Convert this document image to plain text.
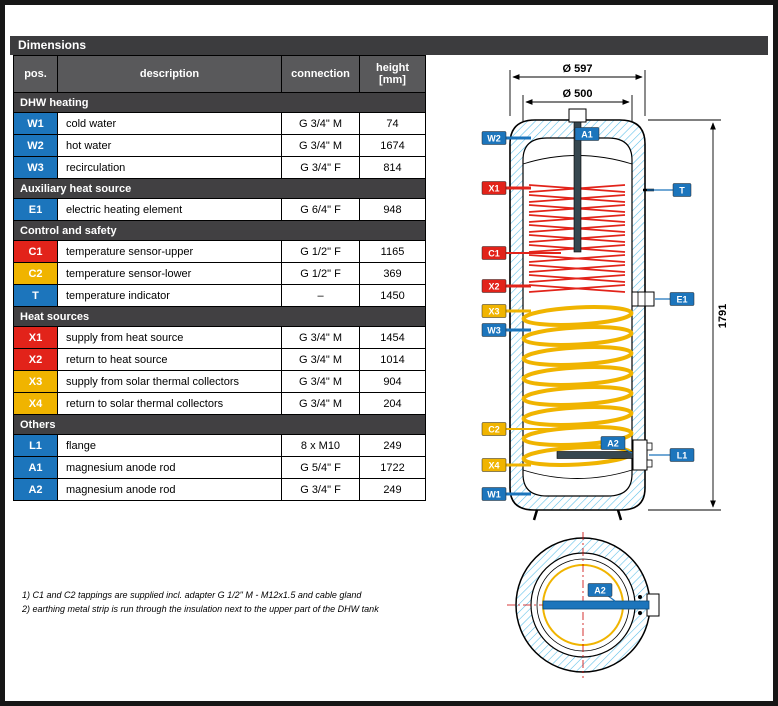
Dimensions
pos.	description	connection	height [mm]
DHW heating			
W1	cold water	G 3/4" M	74
W2	hot water	G 3/4" M	1674
W3	recirculation	G 3/4" F	814
Auxiliary heat source			
E1	electric heating element	G 6/4" F	948
Control and safety			
C1	temperature sensor-upper	G 1/2" F	1165
C2	temperature sensor-lower	G 1/2" F	369
T	temperature indicator	–	1450
Heat sources			
X1	supply from heat source	G 3/4" M	1454
X2	return to heat source	G 3/4" M	1014
X3	supply from solar thermal collectors	G 3/4" M	904
X4	return to solar thermal collectors	G 3/4" M	204
Others			
L1	flange	8 x M10	249
A1	magnesium anode rod	G 5/4" F	1722
A2	magnesium anode rod	G 3/4" F	249
1) C1 and C2 tappings are supplied incl. adapter G 1/2" M - M12x1.5 and cable gland
2) earthing metal strip is run through the insulation next to the upper part of the DHW tank
Ø 597
Ø 500
1791
W2
X1
C1
X2
X3
W3
C2
X4
W1
A1
T
E1
L1
A2
A2
